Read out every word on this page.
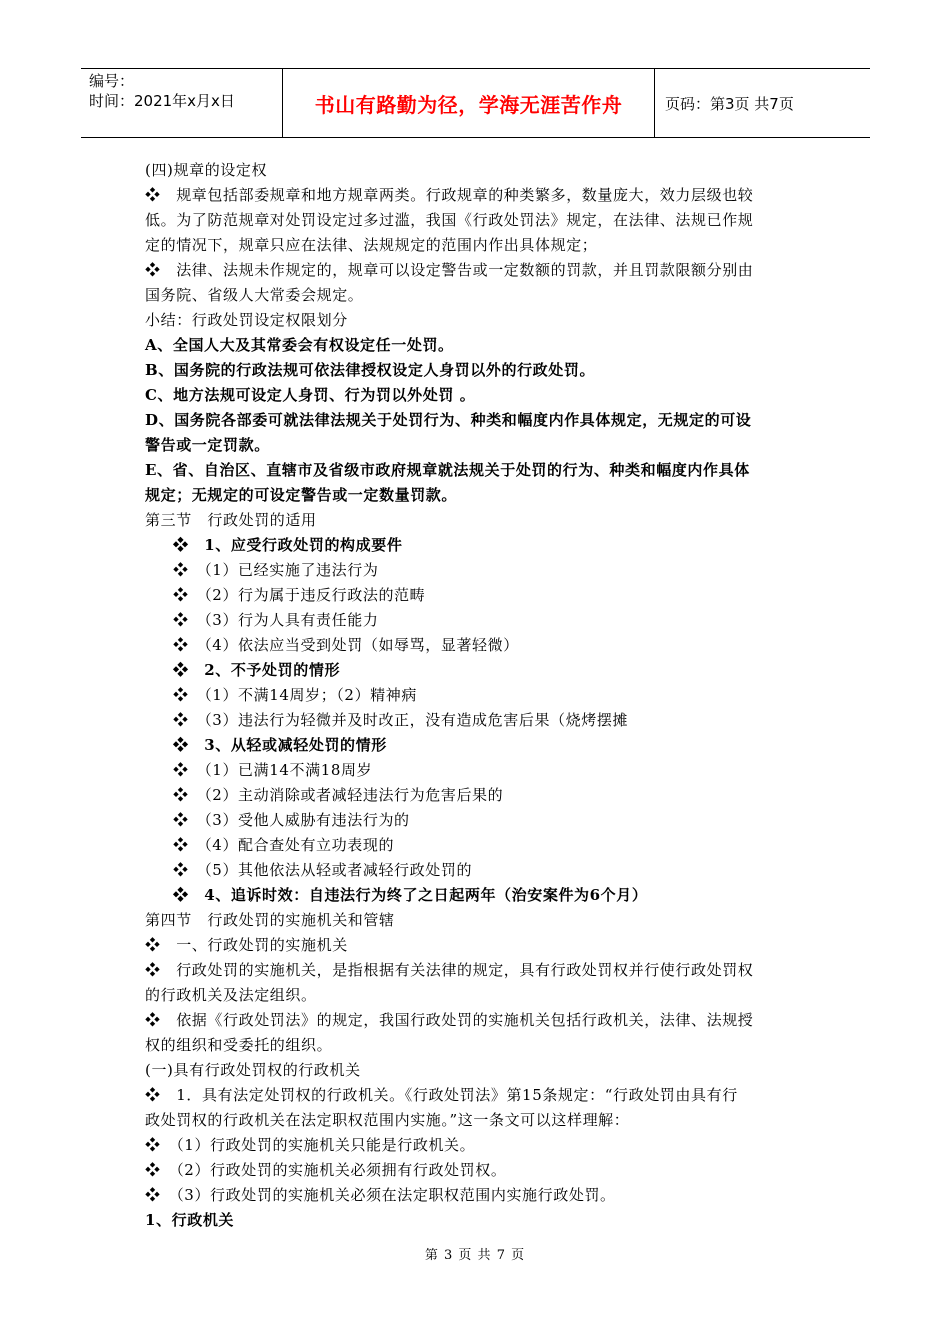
编号：
时间：2021年x月x日	书山有路勤为径，学海无涯苦作舟	页码：第3页 共7页

(四)规章的设定权

❖　规章包括部委规章和地方规章两类。行政规章的种类繁多，数量庞大，效力层级也较

低。为了防范规章对处罚设定过多过滥，我国《行政处罚法》规定，在法律、法规已作规

定的情况下，规章只应在法律、法规规定的范围内作出具体规定；

❖　法律、法规未作规定的，规章可以设定警告或一定数额的罚款，并且罚款限额分别由

国务院、省级人大常委会规定。

小结：行政处罚设定权限划分

A、全国人大及其常委会有权设定任一处罚。

B、国务院的行政法规可依法律授权设定人身罚以外的行政处罚。

C、地方法规可设定人身罚、行为罚以外处罚 。

D、国务院各部委可就法律法规关于处罚行为、种类和幅度内作具体规定，无规定的可设

警告或一定罚款。

E、省、自治区、直辖市及省级市政府规章就法规关于处罚的行为、种类和幅度内作具体

规定；无规定的可设定警告或一定数量罚款。

第三节　行政处罚的适用

❖　1、应受行政处罚的构成要件

❖　（1）已经实施了违法行为

❖　（2）行为属于违反行政法的范畴

❖　（3）行为人具有责任能力

❖　（4）依法应当受到处罚（如辱骂，显著轻微）

❖　2、不予处罚的情形

❖　（1）不满14周岁；（2）精神病

❖　（3）违法行为轻微并及时改正，没有造成危害后果（烧烤摆摊

❖　3、从轻或减轻处罚的情形

❖　（1）已满14不满18周岁

❖　（2）主动消除或者减轻违法行为危害后果的

❖　（3）受他人威胁有违法行为的

❖　（4）配合查处有立功表现的

❖　（5）其他依法从轻或者减轻行政处罚的

❖　4、追诉时效：自违法行为终了之日起两年（治安案件为6个月）

第四节　行政处罚的实施机关和管辖

❖　一、行政处罚的实施机关

❖　行政处罚的实施机关，是指根据有关法律的规定，具有行政处罚权并行使行政处罚权

的行政机关及法定组织。

❖　依据《行政处罚法》的规定，我国行政处罚的实施机关包括行政机关，法律、法规授

权的组织和受委托的组织。

(一)具有行政处罚权的行政机关

❖　1．具有法定处罚权的行政机关。《行政处罚法》第15条规定：“行政处罚由具有行

政处罚权的行政机关在法定职权范围内实施。”这一条文可以这样理解：

❖　（1）行政处罚的实施机关只能是行政机关。

❖　（2）行政处罚的实施机关必须拥有行政处罚权。

❖　（3）行政处罚的实施机关必须在法定职权范围内实施行政处罚。

1、行政机关

第 3 页 共 7 页
